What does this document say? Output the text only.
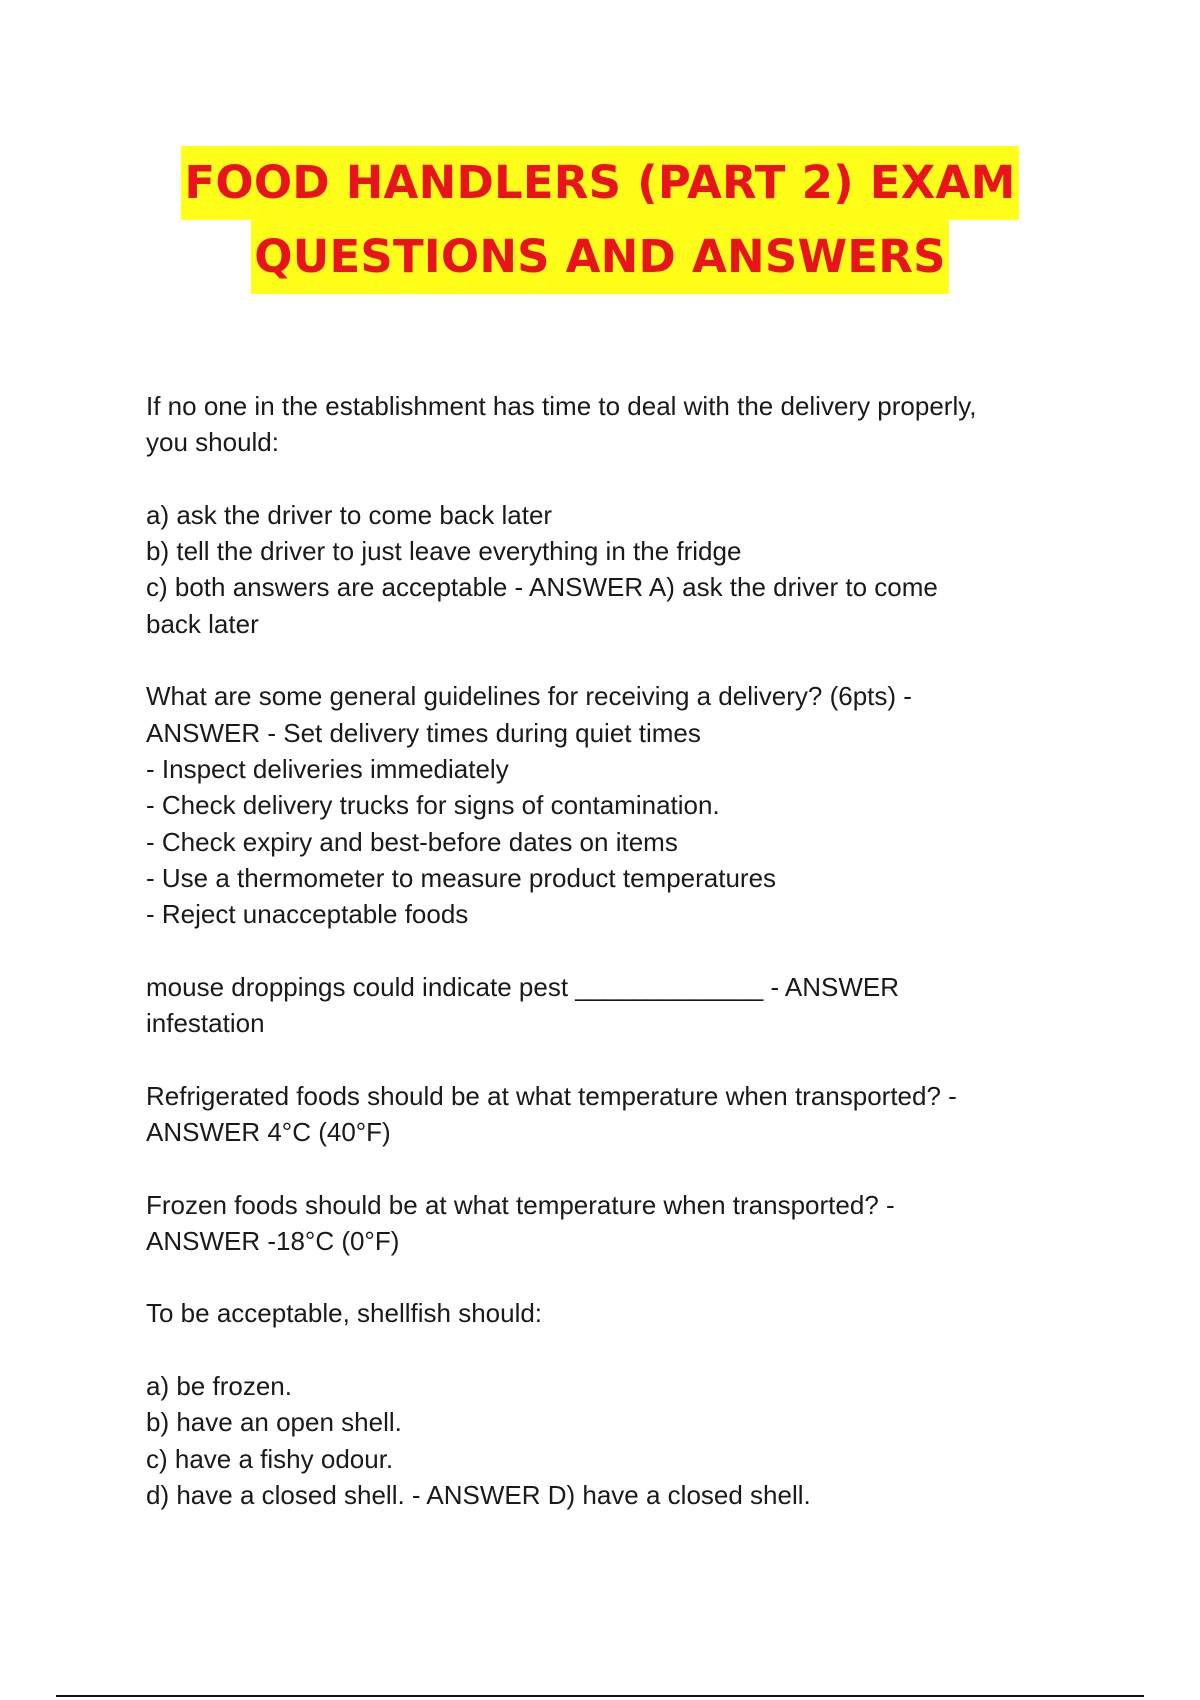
FOOD HANDLERS (PART 2) EXAM
QUESTIONS AND ANSWERS
If no one in the establishment has time to deal with the delivery properly,
you should:
a) ask the driver to come back later
b) tell the driver to just leave everything in the fridge
c) both answers are acceptable - ANSWER A) ask the driver to come
back later
What are some general guidelines for receiving a delivery? (6pts) -
ANSWER - Set delivery times during quiet times
- Inspect deliveries immediately
- Check delivery trucks for signs of contamination.
- Check expiry and best-before dates on items
- Use a thermometer to measure product temperatures
- Reject unacceptable foods
mouse droppings could indicate pest _____________ - ANSWER
infestation
Refrigerated foods should be at what temperature when transported? -
ANSWER 4°C (40°F)
Frozen foods should be at what temperature when transported? -
ANSWER -18°C (0°F)
To be acceptable, shellfish should:
a) be frozen.
b) have an open shell.
c) have a fishy odour.
d) have a closed shell. - ANSWER D) have a closed shell.
